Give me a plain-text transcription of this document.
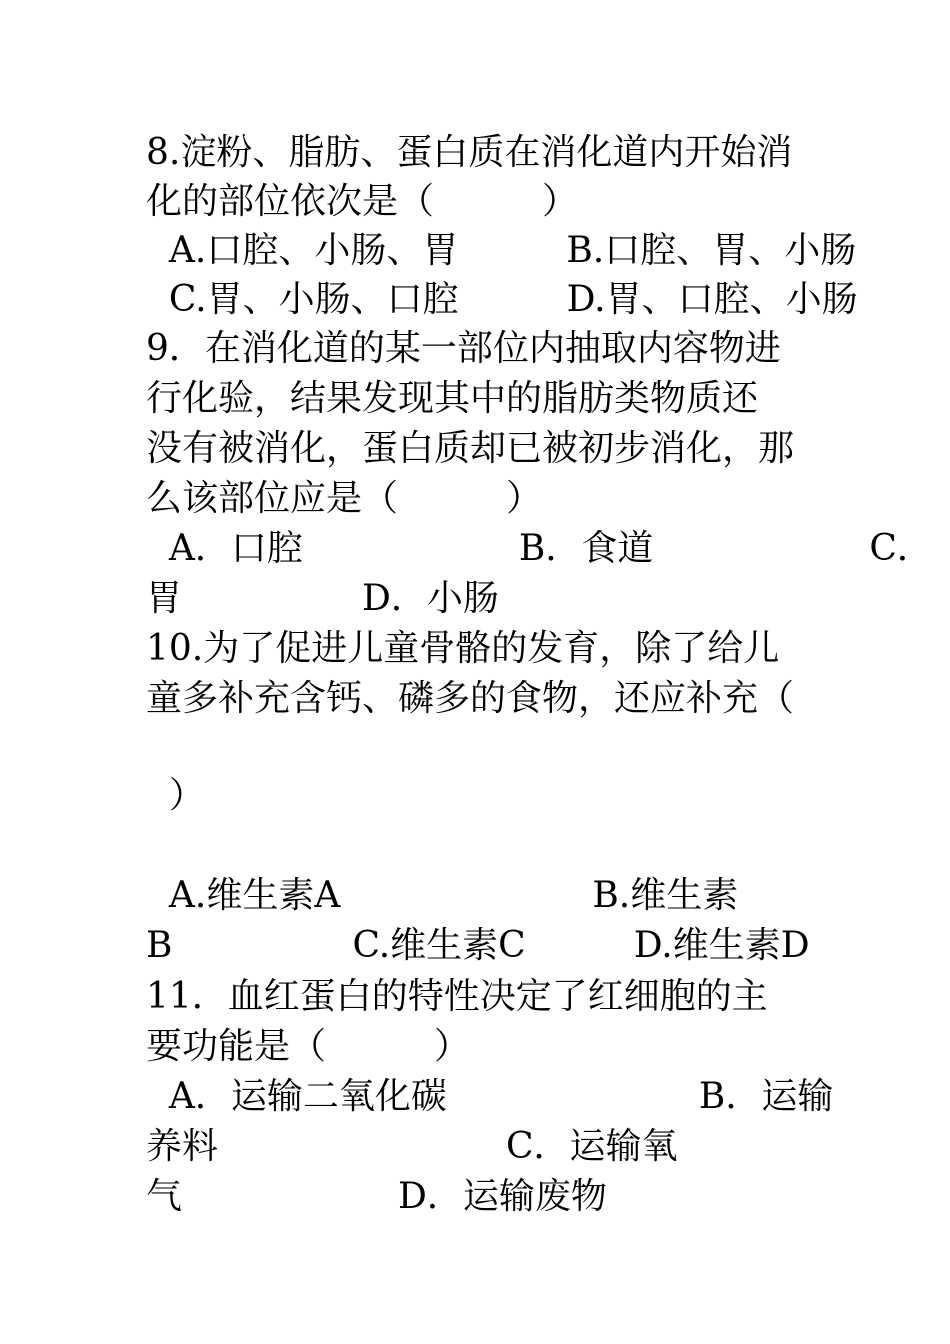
8.淀粉、脂肪、蛋白质在消化道内开始消
化的部位依次是（　　　）
A.口腔、小肠、胃　　　B.口腔、胃、小肠
C.胃、小肠、口腔　　　D.胃、口腔、小肠
9．在消化道的某一部位内抽取内容物进
行化验，结果发现其中的脂肪类物质还
没有被消化，蛋白质却已被初步消化，那
么该部位应是（　　　）
A．口腔　　　　　　B．食道　　　　　　C．
胃　　　　　D．小肠
10.为了促进儿童骨骼的发育，除了给儿
童多补充含钙、磷多的食物，还应补充（
）
A.维生素A　　　　　　　B.维生素
B　　　　　C.维生素C　　　D.维生素D
11．血红蛋白的特性决定了红细胞的主
要功能是（　　　）
A．运输二氧化碳　　　　　　　B．运输
养料　　　　　　　　C．运输氧
气　　　　　　D．运输废物
